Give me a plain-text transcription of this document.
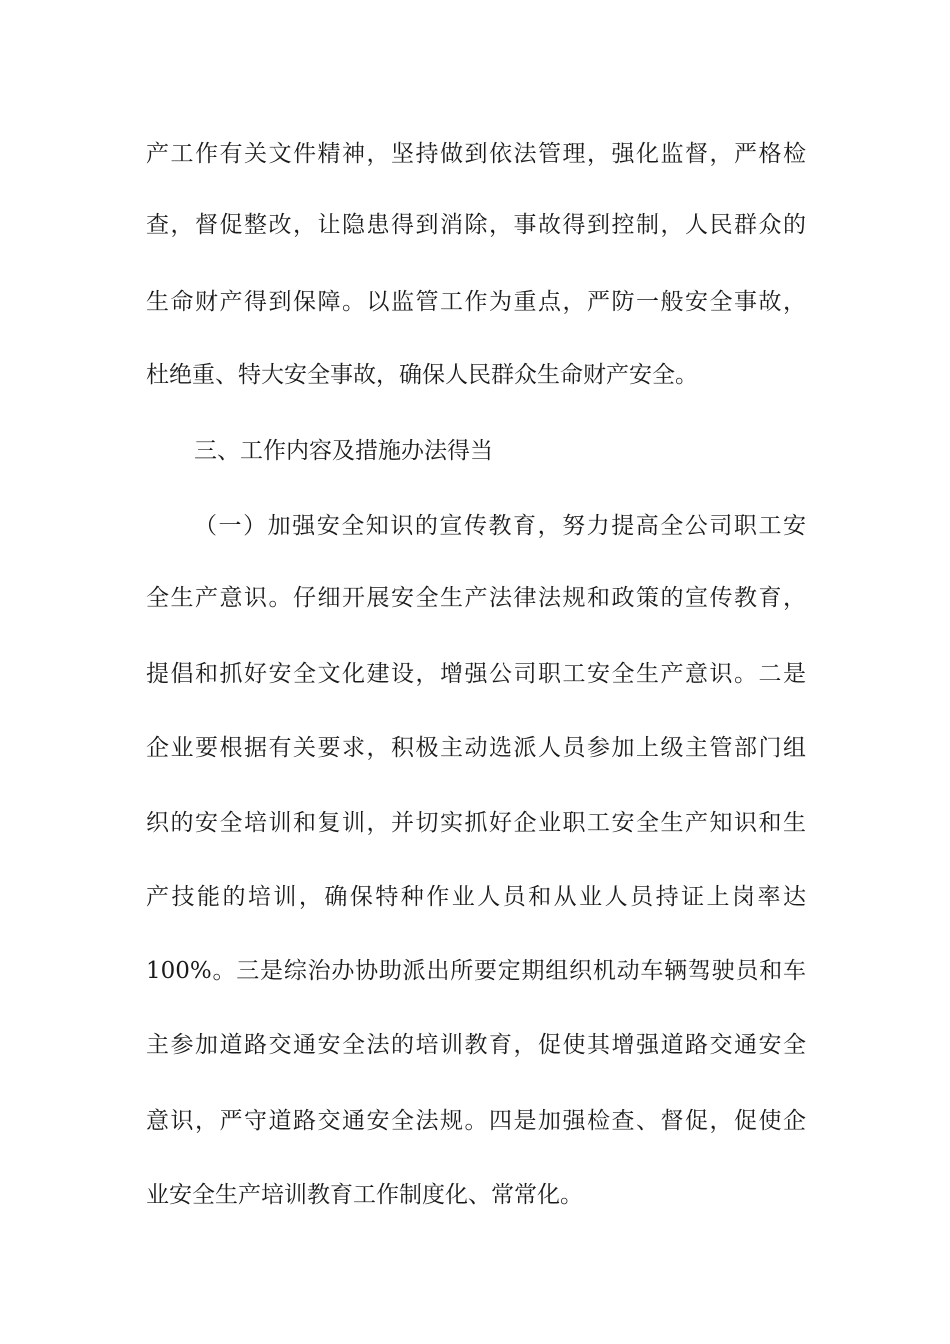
产工作有关文件精神，坚持做到依法管理，强化监督，严格检
查，督促整改，让隐患得到消除，事故得到控制，人民群众的
生命财产得到保障。以监管工作为重点，严防一般安全事故，
杜绝重、特大安全事故，确保人民群众生命财产安全。
三、工作内容及措施办法得当
（一）加强安全知识的宣传教育，努力提高全公司职工安
全生产意识。仔细开展安全生产法律法规和政策的宣传教育，
提倡和抓好安全文化建设，增强公司职工安全生产意识。二是
企业要根据有关要求，积极主动选派人员参加上级主管部门组
织的安全培训和复训，并切实抓好企业职工安全生产知识和生
产技能的培训，确保特种作业人员和从业人员持证上岗率达
100%。三是综治办协助派出所要定期组织机动车辆驾驶员和车
主参加道路交通安全法的培训教育，促使其增强道路交通安全
意识，严守道路交通安全法规。四是加强检查、督促，促使企
业安全生产培训教育工作制度化、常常化。
